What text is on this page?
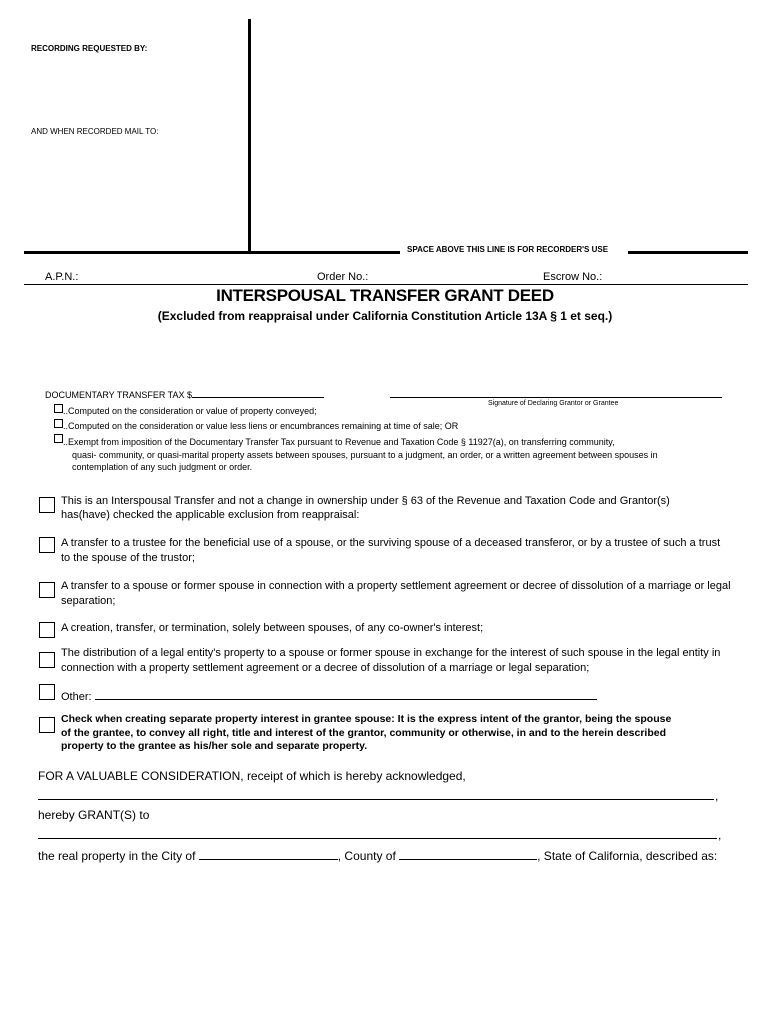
RECORDING REQUESTED BY:
AND WHEN RECORDED MAIL TO:
SPACE ABOVE THIS LINE IS FOR RECORDER'S USE
A.P.N.:	Order No.:	Escrow No.:
INTERSPOUSAL TRANSFER GRANT DEED
(Excluded from reappraisal under California Constitution Article 13A § 1 et seq.)
DOCUMENTARY TRANSFER TAX $
Signature of Declaring Grantor or Grantee
..Computed on the consideration or value of property conveyed;
..Computed on the consideration or value less liens or encumbrances remaining at time of sale; OR
..Exempt from imposition of the Documentary Transfer Tax pursuant to Revenue and Taxation Code § 11927(a), on transferring community,
quasi- community, or quasi-marital property assets between spouses, pursuant to a judgment, an order, or a written agreement between spouses in
contemplation of any such judgment or order.
This is an Interspousal Transfer and not a change in ownership under § 63 of the Revenue and Taxation Code and Grantor(s)
has(have) checked the applicable exclusion from reappraisal:
A transfer to a trustee for the beneficial use of a spouse, or the surviving spouse of a deceased transferor, or by a trustee of such a trust
to the spouse of the trustor;
A transfer to a spouse or former spouse in connection with a property settlement agreement or decree of dissolution of a marriage or legal
separation;
A creation, transfer, or termination, solely between spouses, of any co-owner's interest;
The distribution of a legal entity's property to a spouse or former spouse in exchange for the interest of such spouse in the legal entity in
connection with a property settlement agreement or a decree of dissolution of a marriage or legal separation;
Other:
Check when creating separate property interest in grantee spouse: It is the express intent of the grantor, being the spouse
of the grantee, to convey all right, title and interest of the grantor, community or otherwise, in and to the herein described
property to the grantee as his/her sole and separate property.
FOR A VALUABLE CONSIDERATION, receipt of which is hereby acknowledged,
,
hereby GRANT(S) to
,
the real property in the City of	, County of	, State of California, described as:
